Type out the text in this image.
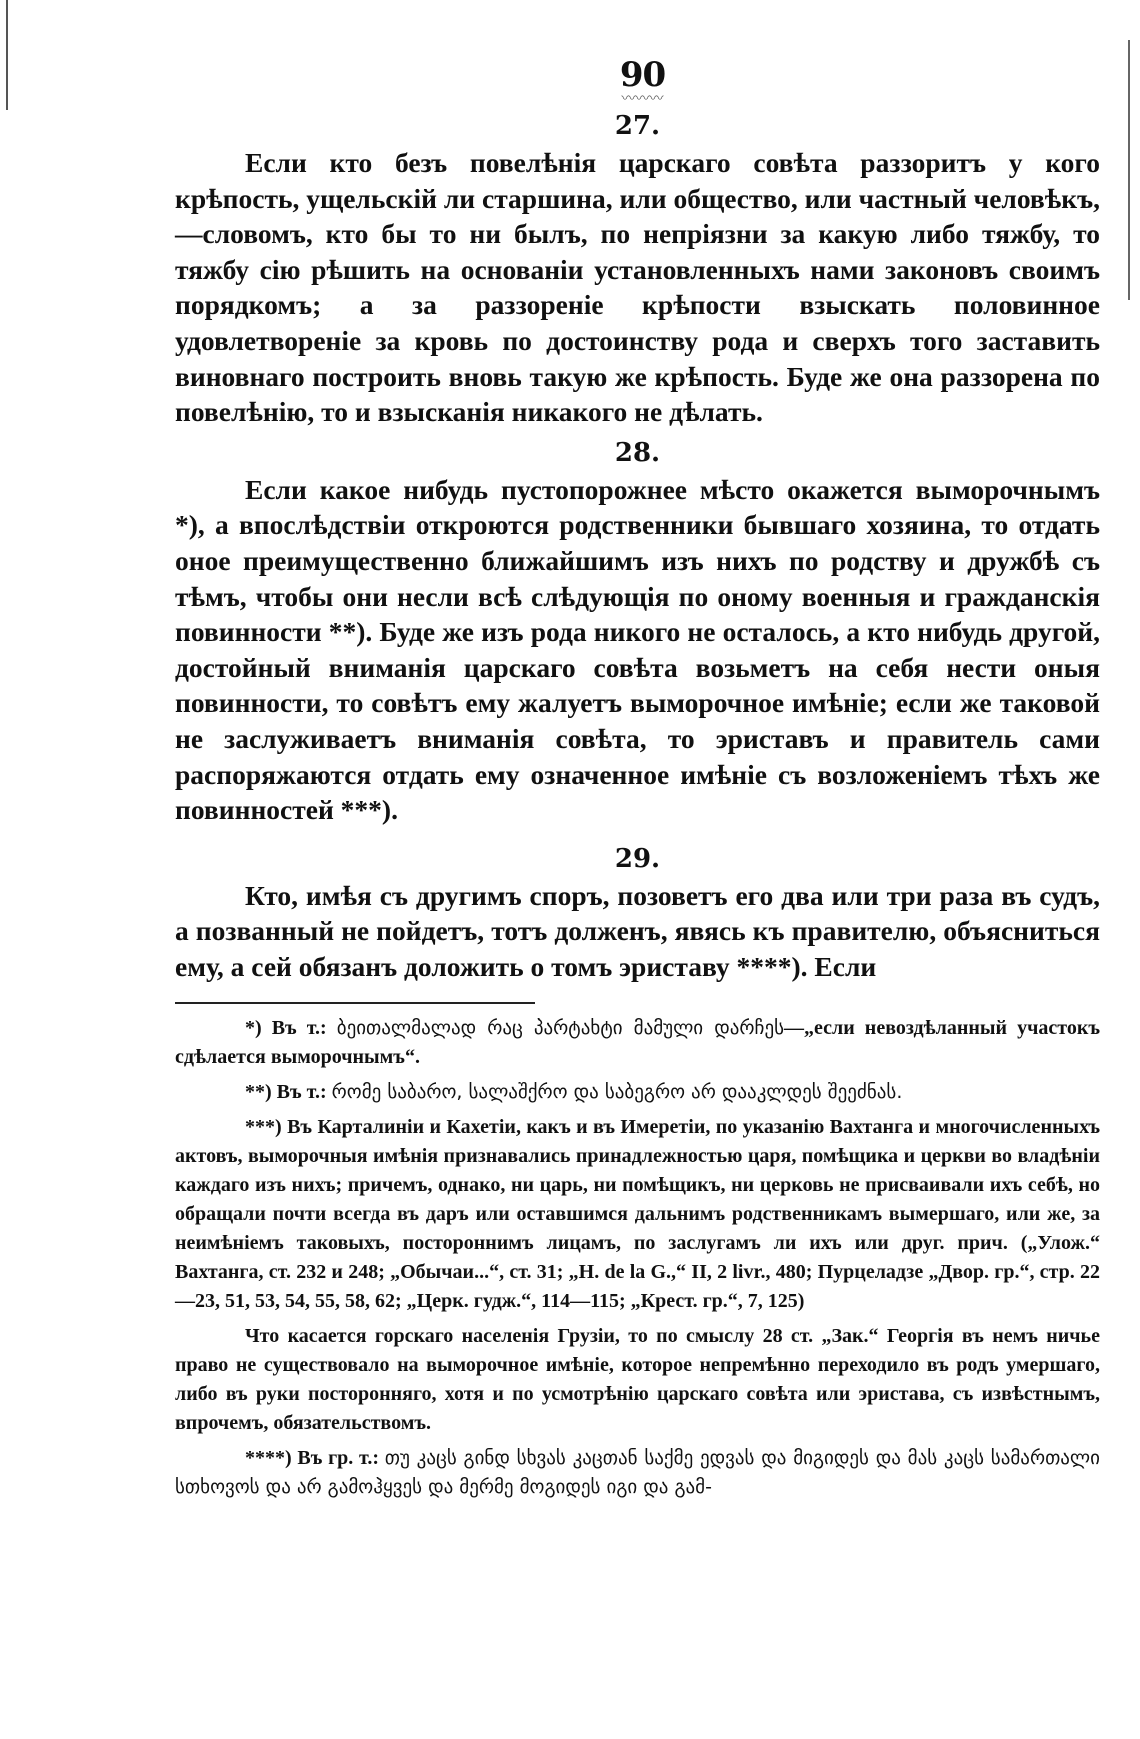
90
〰〰〰
27.

Если кто безъ повелѣнія царскаго совѣта раззоритъ у кого крѣпость, ущельскій ли старшина, или общество, или частный человѣкъ,—словомъ, кто бы то ни былъ, по непріязни за какую либо тяжбу, то тяжбу сію рѣшить на основаніи установленныхъ нами законовъ своимъ порядкомъ; а за раззореніе крѣпости взыскать половинное удовлетвореніе за кровь по достоинству рода и сверхъ того заставить виновнаго построить вновь такую же крѣпость. Буде же она раззорена по повелѣнію, то и взысканія никакого не дѣлать.

28.

Если какое нибудь пустопорожнее мѣсто окажется выморочнымъ *), а впослѣдствіи откроются родственники бывшаго хозяина, то отдать оное преимущественно ближайшимъ изъ нихъ по родству и дружбѣ съ тѣмъ, чтобы они несли всѣ слѣдующія по оному военныя и гражданскія повинности **). Буде же изъ рода никого не осталось, а кто нибудь другой, достойный вниманія царскаго совѣта возьметъ на себя нести оныя повинности, то совѣтъ ему жалуетъ выморочное имѣніе; если же таковой не заслуживаетъ вниманія совѣта, то эриставъ и правитель сами распоряжаются отдать ему означенное имѣніе съ возложеніемъ тѣхъ же повинностей ***).

29.

Кто, имѣя съ другимъ споръ, позоветъ его два или три раза въ судъ, а позванный не пойдетъ, тотъ долженъ, явясь къ правителю, объясниться ему, а сей обязанъ доложить о томъ эриставу ****). Если

*) Въ т.: ბეითალმალად რაც პარტახტი მამული დარჩეს—„если невоздѣланный участокъ сдѣлается выморочнымъ“.

**) Въ т.: რომე საბარო, სალაშქრო და საბეგრო არ დააკლდეს შეეძნას.

***) Въ Карталиніи и Кахетіи, какъ и въ Имеретіи, по указанію Вахтанга и многочисленныхъ актовъ, выморочныя имѣнія признавались принадлежностью царя, помѣщика и церкви во владѣніи каждаго изъ нихъ; причемъ, однако, ни царь, ни помѣщикъ, ни церковь не присваивали ихъ себѣ, но обращали почти всегда въ даръ или оставшимся дальнимъ родственникамъ вымершаго, или же, за неимѣніемъ таковыхъ, постороннимъ лицамъ, по заслугамъ ли ихъ или друг. прич. („Улож.“ Вахтанга, ст. 232 и 248; „Обычаи...“, ст. 31; „H. de la G.,“ II, 2 livr., 480; Пурцеладзе „Двор. гр.“, стр. 22—23, 51, 53, 54, 55, 58, 62; „Церк. гудж.“, 114—115; „Крест. гр.“, 7, 125)

Что касается горскаго населенія Грузіи, то по смыслу 28 ст. „Зак.“ Георгія въ немъ ничье право не существовало на выморочное имѣніе, которое непремѣнно переходило въ родъ умершаго, либо въ руки посторонняго, хотя и по усмотрѣнію царскаго совѣта или эристава, съ извѣстнымъ, впрочемъ, обязательствомъ.

****) Въ гр. т.: თუ კაცს გინდ სხვას კაცთან საქმე ედვას და მიგიდეს და მას კაცს სამართალი სთხოვოს და არ გამოჰყვეს და მერმე მოგიდეს იგი და გამ-
